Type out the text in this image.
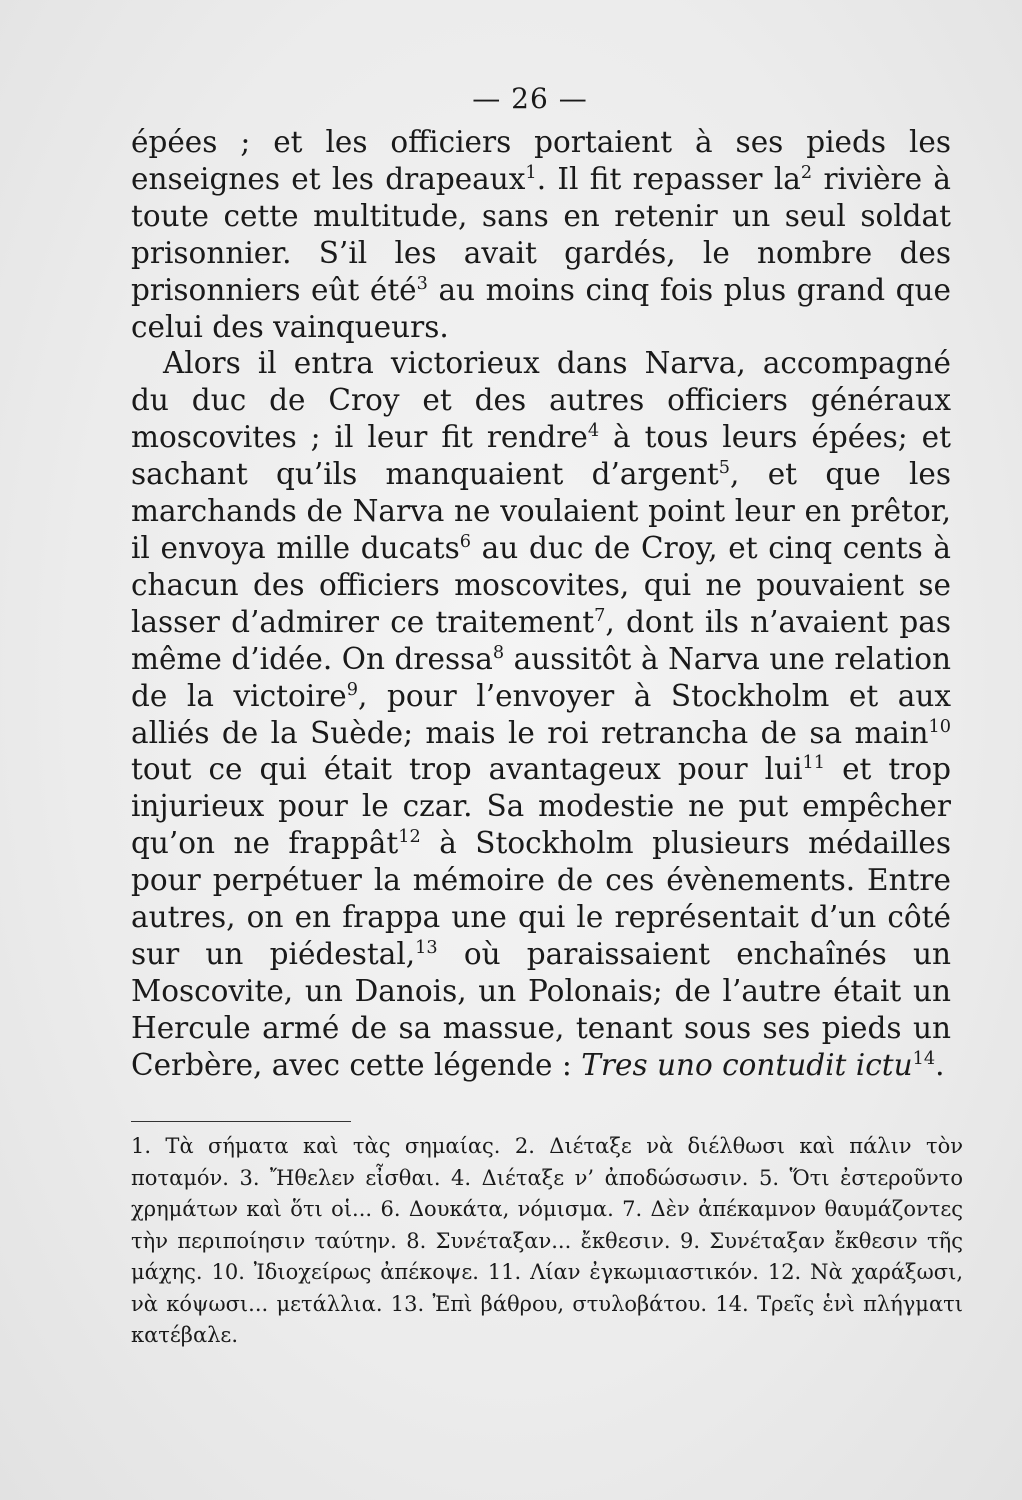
— 26 —

épées ; et les officiers portaient à ses pieds les enseignes et les drapeaux$^1$. Il fit repasser $la^2$ rivière à toute cette multitude, sans en retenir un seul soldat prisonnier. S’il les avait gardés, le nombre des prisonniers eût été$^3$ au moins cinq fois plus grand que celui des vainqueurs.

Alors il entra victorieux dans Narva, accompagné du duc de Croy et des autres officiers généraux moscovites ; il leur fit rendre$^4$ à tous leurs épées; et sachant qu’ils manquaient d’argent$^5$, et que les marchands de Narva ne voulaient point leur en prêtor, il envoya mille ducats$^6$ au duc de Croy, et cinq cents à chacun des officiers moscovites, qui ne pouvaient se lasser d’admirer ce traitement$^7$, dont ils n’avaient pas même d’idée. On dressa$^8$ aussitôt à Narva une relation de la victoire$^9$, pour l’envoyer à Stockholm et aux alliés de la Suède; mais le roi retrancha de sa main$^{10}$ tout ce qui était trop avantageux pour lui$^{11}$ et trop injurieux pour le czar. Sa modestie ne put empêcher qu’on ne frappât$^{12}$ à Stockholm plusieurs médailles pour perpétuer la mémoire de ces évènements. Entre autres, on en frappa une qui le représentait d’un côté sur un piédestal,$^{13}$ où paraissaient enchaînés un Moscovite, un Danois, un Polonais; de l’autre était un Hercule armé de sa massue, tenant sous ses pieds un Cerbère, avec cette légende : Tres uno contudit ictu$^{14}$.

1. Τὰ σήματα καὶ τὰς σημαίας. 2. Διέταξε νὰ διέλθωσι καὶ πάλιν τὸν ποταμόν. 3. Ἤθελεν εἶσθαι. 4. Διέταξε ν’ ἀποδώσωσιν. 5. Ὅτι ἐστεροῦντο χρημάτων καὶ ὅτι οἱ... 6. Δουκάτα, νόμισμα. 7. Δὲν ἀπέκαμνον θαυμάζοντες τὴν περιποίησιν ταύτην. 8. Συνέταξαν... ἔκθεσιν. 9. Συνέταξαν ἔκθεσιν τῆς μάχης. 10. Ἰδιοχείρως ἀπέκοψε. 11. Λίαν ἐγκωμιαστικόν. 12. Νὰ χαράξωσι, νὰ κόψωσι... μετάλλια. 13. Ἐπὶ βάθρου, στυλοβάτου. 14. Τρεῖς ἑνὶ πλήγματι κατέβαλε.
